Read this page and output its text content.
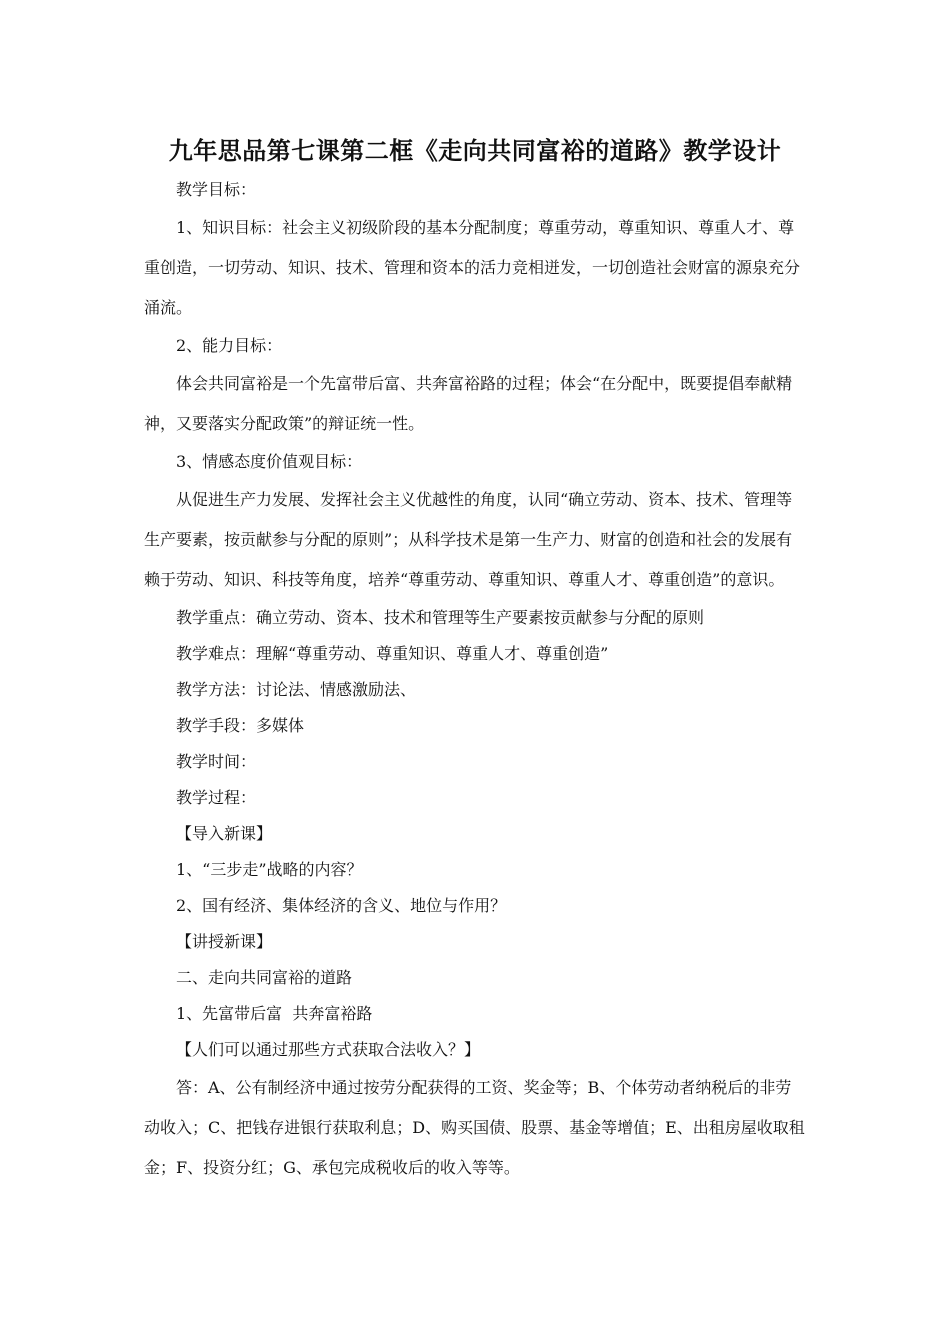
九年思品第七课第二框《走向共同富裕的道路》教学设计

教学目标：

1、知识目标：社会主义初级阶段的基本分配制度；尊重劳动，尊重知识、尊重人才、尊重创造，一切劳动、知识、技术、管理和资本的活力竞相迸发，一切创造社会财富的源泉充分涌流。

2、能力目标：

体会共同富裕是一个先富带后富、共奔富裕路的过程；体会“在分配中，既要提倡奉献精神，又要落实分配政策”的辩证统一性。

3、情感态度价值观目标：

从促进生产力发展、发挥社会主义优越性的角度，认同“确立劳动、资本、技术、管理等生产要素，按贡献参与分配的原则”；从科学技术是第一生产力、财富的创造和社会的发展有赖于劳动、知识、科技等角度，培养“尊重劳动、尊重知识、尊重人才、尊重创造”的意识。

教学重点：确立劳动、资本、技术和管理等生产要素按贡献参与分配的原则

教学难点：理解“尊重劳动、尊重知识、尊重人才、尊重创造”

教学方法：讨论法、情感激励法、

教学手段：多媒体

教学时间：

教学过程：

【导入新课】

1、“三步走”战略的内容？

2、国有经济、集体经济的含义、地位与作用？

【讲授新课】

二、走向共同富裕的道路

1、先富带后富  共奔富裕路

【人们可以通过那些方式获取合法收入？】

答：A、公有制经济中通过按劳分配获得的工资、奖金等；B、个体劳动者纳税后的非劳动收入；C、把钱存进银行获取利息；D、购买国债、股票、基金等增值；E、出租房屋收取租金；F、投资分红；G、承包完成税收后的收入等等。
